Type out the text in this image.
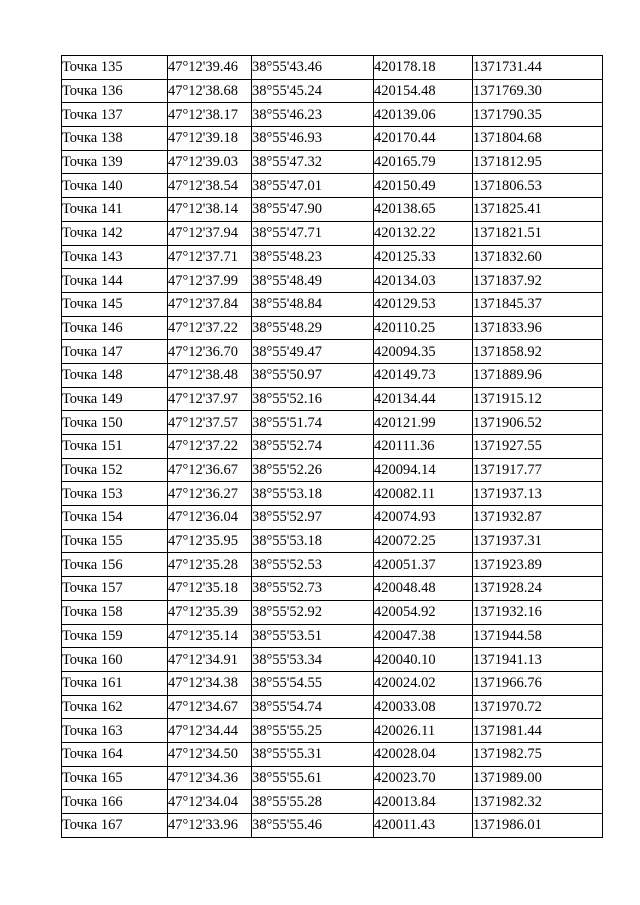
Точка 135	47°12'39.46	38°55'43.46	420178.18	1371731.44
Точка 136	47°12'38.68	38°55'45.24	420154.48	1371769.30
Точка 137	47°12'38.17	38°55'46.23	420139.06	1371790.35
Точка 138	47°12'39.18	38°55'46.93	420170.44	1371804.68
Точка 139	47°12'39.03	38°55'47.32	420165.79	1371812.95
Точка 140	47°12'38.54	38°55'47.01	420150.49	1371806.53
Точка 141	47°12'38.14	38°55'47.90	420138.65	1371825.41
Точка 142	47°12'37.94	38°55'47.71	420132.22	1371821.51
Точка 143	47°12'37.71	38°55'48.23	420125.33	1371832.60
Точка 144	47°12'37.99	38°55'48.49	420134.03	1371837.92
Точка 145	47°12'37.84	38°55'48.84	420129.53	1371845.37
Точка 146	47°12'37.22	38°55'48.29	420110.25	1371833.96
Точка 147	47°12'36.70	38°55'49.47	420094.35	1371858.92
Точка 148	47°12'38.48	38°55'50.97	420149.73	1371889.96
Точка 149	47°12'37.97	38°55'52.16	420134.44	1371915.12
Точка 150	47°12'37.57	38°55'51.74	420121.99	1371906.52
Точка 151	47°12'37.22	38°55'52.74	420111.36	1371927.55
Точка 152	47°12'36.67	38°55'52.26	420094.14	1371917.77
Точка 153	47°12'36.27	38°55'53.18	420082.11	1371937.13
Точка 154	47°12'36.04	38°55'52.97	420074.93	1371932.87
Точка 155	47°12'35.95	38°55'53.18	420072.25	1371937.31
Точка 156	47°12'35.28	38°55'52.53	420051.37	1371923.89
Точка 157	47°12'35.18	38°55'52.73	420048.48	1371928.24
Точка 158	47°12'35.39	38°55'52.92	420054.92	1371932.16
Точка 159	47°12'35.14	38°55'53.51	420047.38	1371944.58
Точка 160	47°12'34.91	38°55'53.34	420040.10	1371941.13
Точка 161	47°12'34.38	38°55'54.55	420024.02	1371966.76
Точка 162	47°12'34.67	38°55'54.74	420033.08	1371970.72
Точка 163	47°12'34.44	38°55'55.25	420026.11	1371981.44
Точка 164	47°12'34.50	38°55'55.31	420028.04	1371982.75
Точка 165	47°12'34.36	38°55'55.61	420023.70	1371989.00
Точка 166	47°12'34.04	38°55'55.28	420013.84	1371982.32
Точка 167	47°12'33.96	38°55'55.46	420011.43	1371986.01
